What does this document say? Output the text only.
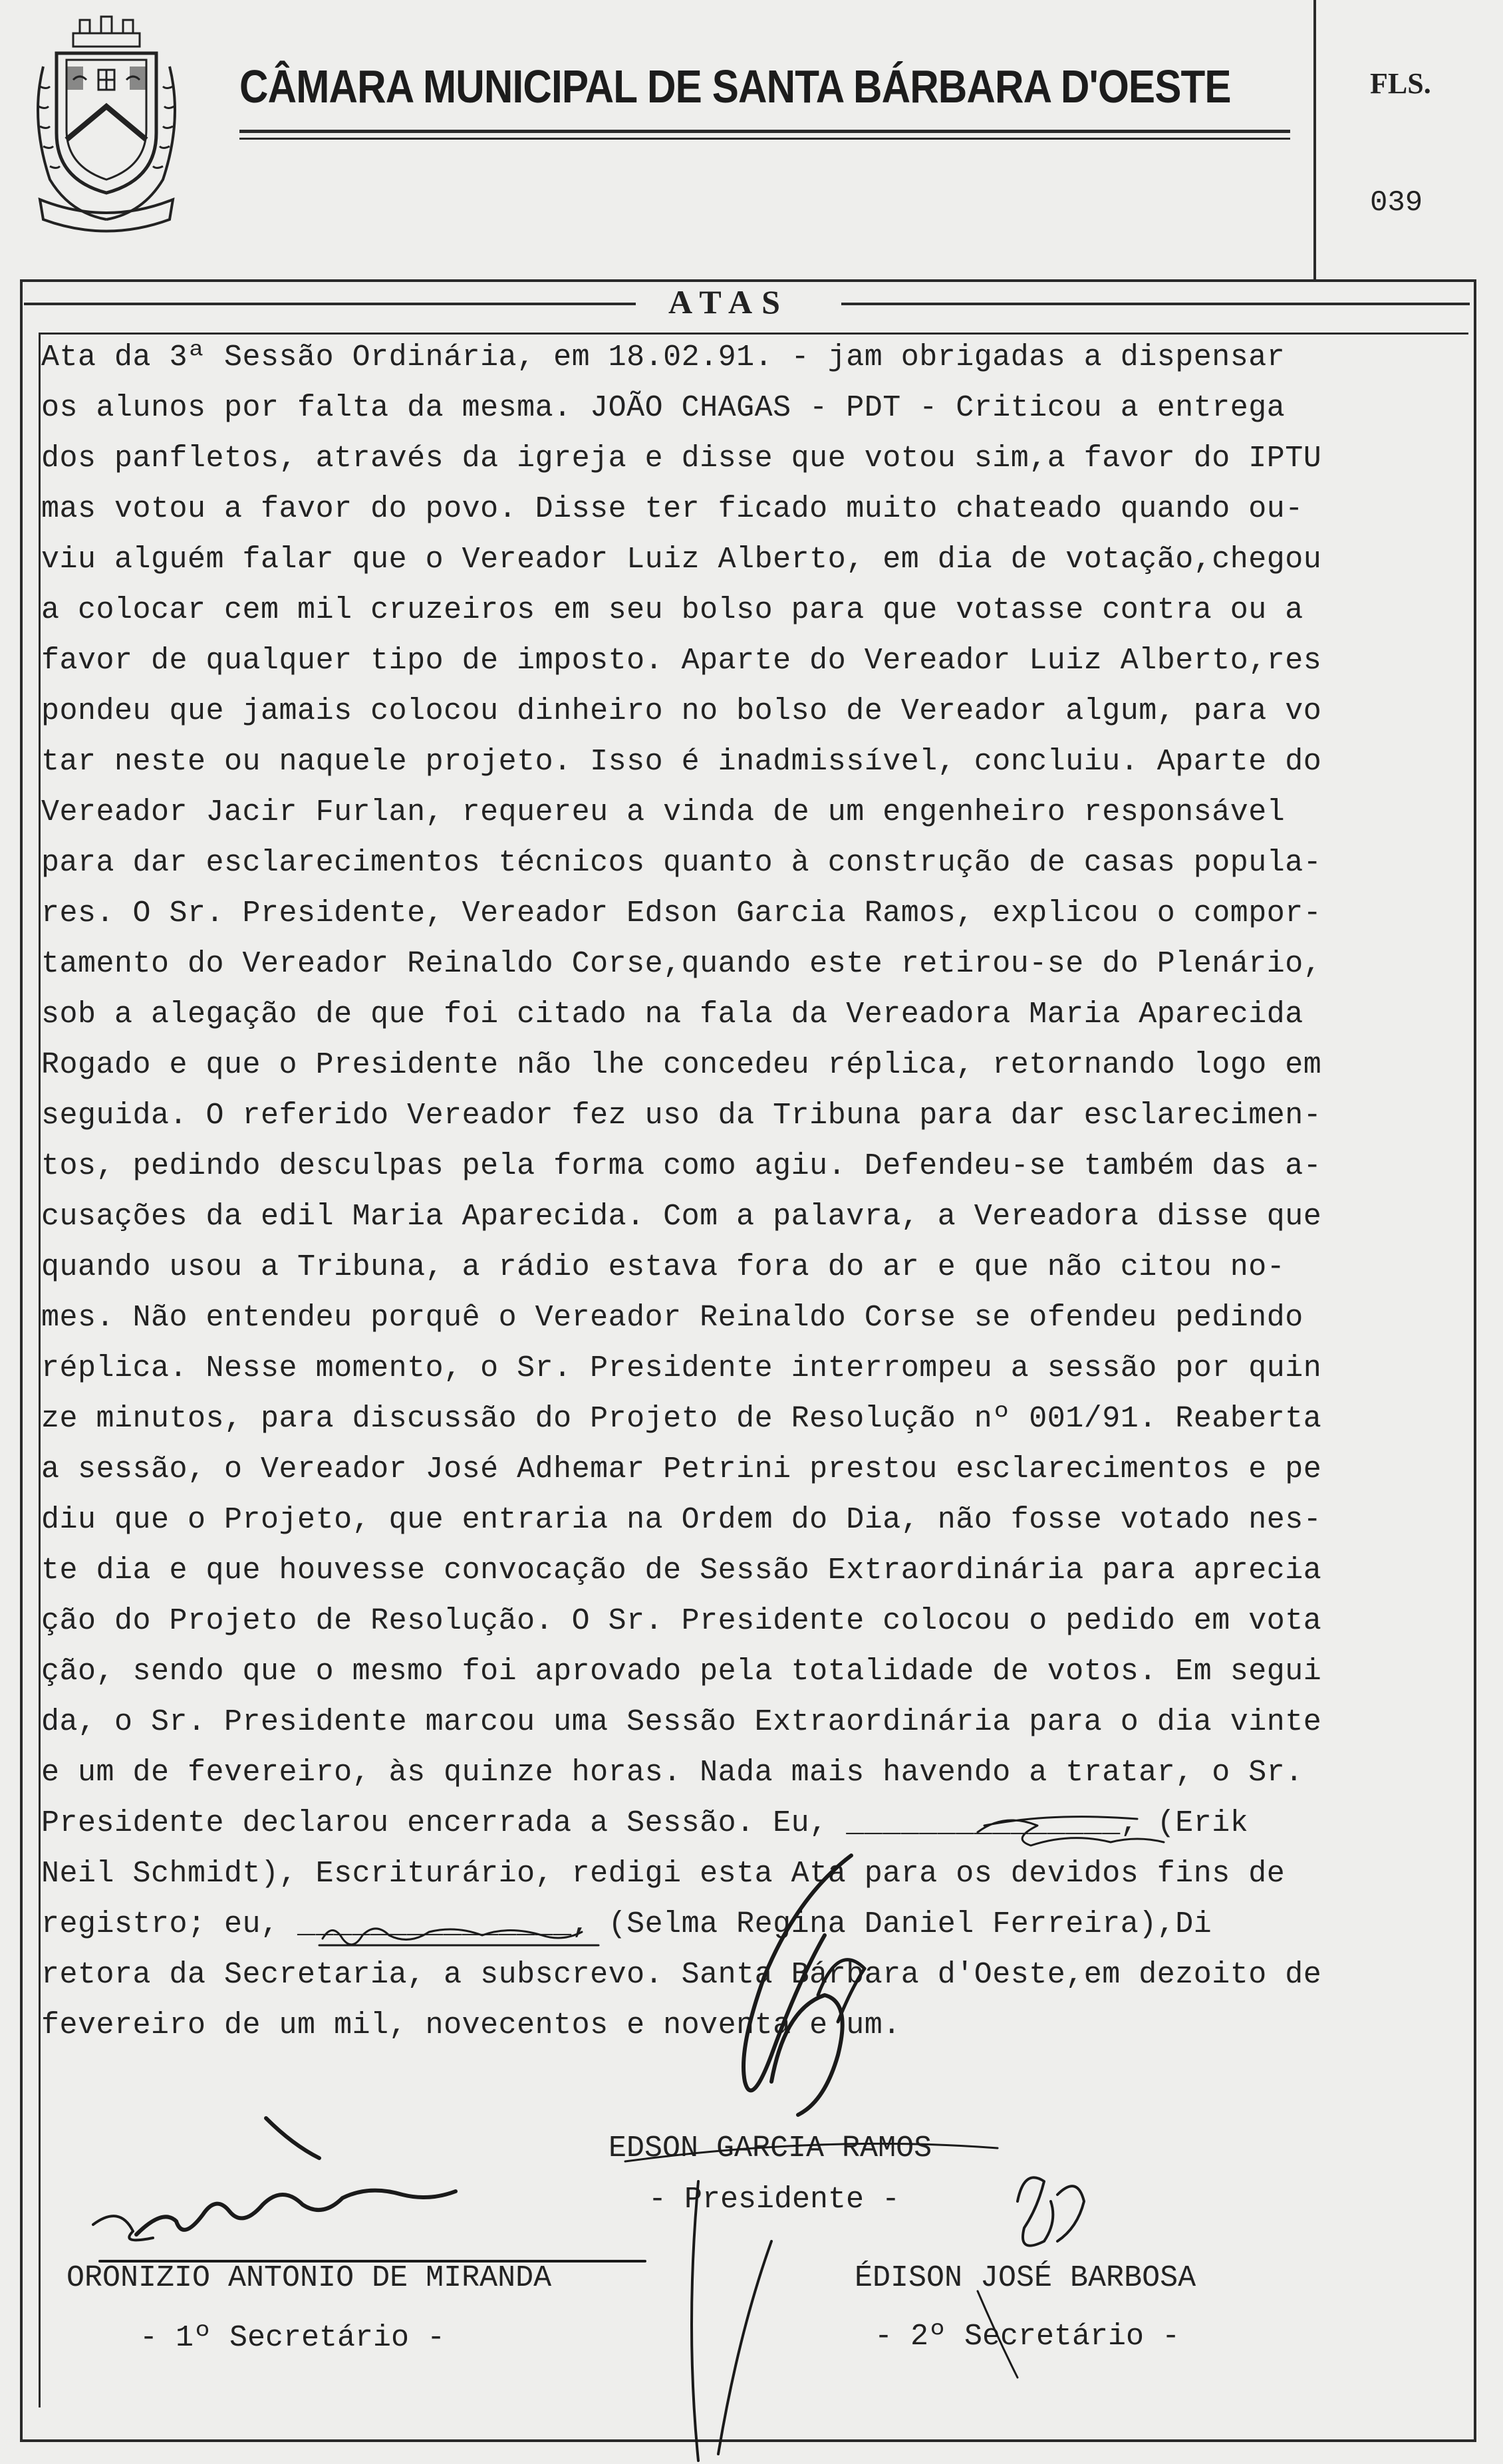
CÂMARA MUNICIPAL DE SANTA BÁRBARA D'OESTE	FLS.
039
ATAS
Ata da 3ª Sessão Ordinária, em 18.02.91. - jam obrigadas a dispensar
os alunos por falta da mesma. JOÃO CHAGAS - PDT - Criticou a entrega
dos panfletos, através da igreja e disse que votou sim,a favor do IPTU
mas votou a favor do povo. Disse ter ficado muito chateado quando ou-
viu alguém falar que o Vereador Luiz Alberto, em dia de votação,chegou
a colocar cem mil cruzeiros em seu bolso para que votasse contra ou a
favor de qualquer tipo de imposto. Aparte do Vereador Luiz Alberto,res
pondeu que jamais colocou dinheiro no bolso de Vereador algum, para vo
tar neste ou naquele projeto. Isso é inadmissível, concluiu. Aparte do
Vereador Jacir Furlan, requereu a vinda de um engenheiro responsável
para dar esclarecimentos técnicos quanto à construção de casas popula-
res. O Sr. Presidente, Vereador Edson Garcia Ramos, explicou o compor-
tamento do Vereador Reinaldo Corse,quando este retirou-se do Plenário,
sob a alegação de que foi citado na fala da Vereadora Maria Aparecida
Rogado e que o Presidente não lhe concedeu réplica, retornando logo em
seguida. O referido Vereador fez uso da Tribuna para dar esclarecimen-
tos, pedindo desculpas pela forma como agiu. Defendeu-se também das a-
cusações da edil Maria Aparecida. Com a palavra, a Vereadora disse que
quando usou a Tribuna, a rádio estava fora do ar e que não citou no-
mes. Não entendeu porquê o Vereador Reinaldo Corse se ofendeu pedindo
réplica. Nesse momento, o Sr. Presidente interrompeu a sessão por quin
ze minutos, para discussão do Projeto de Resolução nº 001/91. Reaberta
a sessão, o Vereador José Adhemar Petrini prestou esclarecimentos e pe
diu que o Projeto, que entraria na Ordem do Dia, não fosse votado nes-
te dia e que houvesse convocação de Sessão Extraordinária para aprecia
ção do Projeto de Resolução. O Sr. Presidente colocou o pedido em vota
ção, sendo que o mesmo foi aprovado pela totalidade de votos. Em segui
da, o Sr. Presidente marcou uma Sessão Extraordinária para o dia vinte
e um de fevereiro, às quinze horas. Nada mais havendo a tratar, o Sr.
Presidente declarou encerrada a Sessão. Eu, _______________, (Erik
Neil Schmidt), Escriturário, redigi esta Ata para os devidos fins de
registro; eu, _______________, (Selma Regina Daniel Ferreira),Di
retora da Secretaria, a subscrevo. Santa Bárbara d'Oeste,em dezoito de
fevereiro de um mil, novecentos e noventa e um.
EDSON GARCIA RAMOS
- Presidente -
ORONIZIO ANTONIO DE MIRANDA
- 1º Secretário -
ÉDISON JOSÉ BARBOSA
- 2º Secretário -
